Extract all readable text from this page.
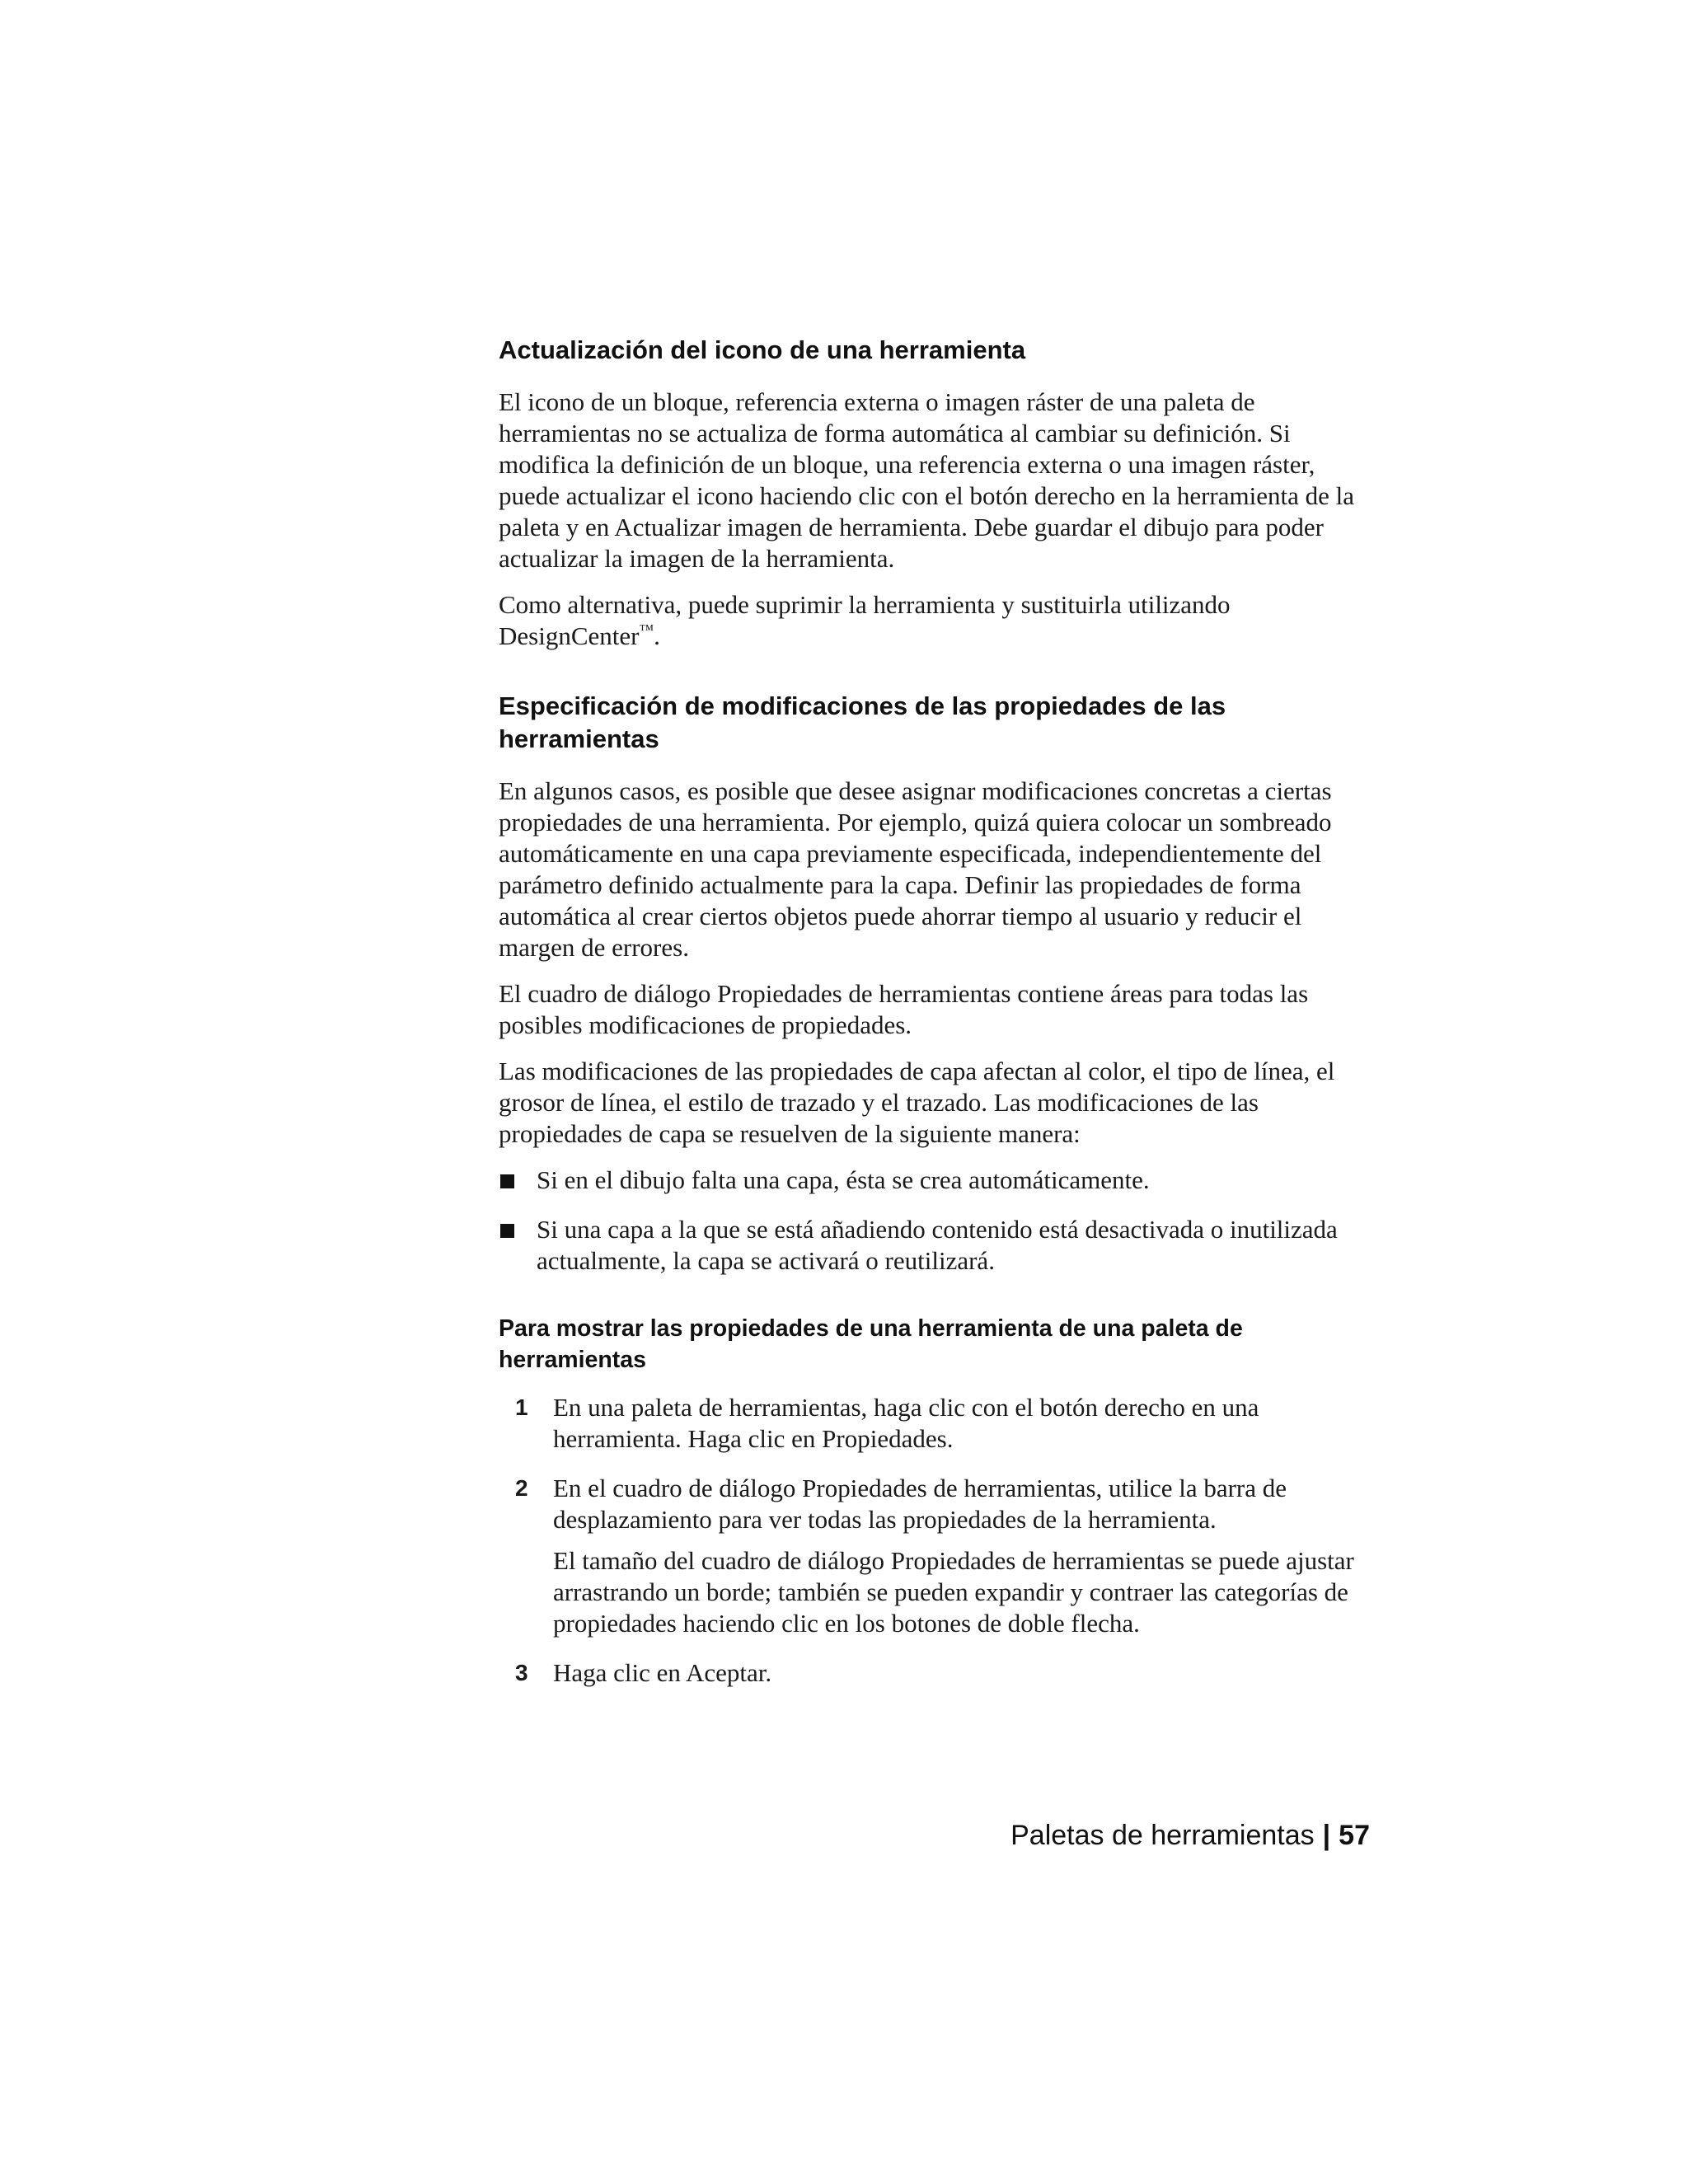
Actualización del icono de una herramienta

El icono de un bloque, referencia externa o imagen ráster de una paleta de herramientas no se actualiza de forma automática al cambiar su definición. Si modifica la definición de un bloque, una referencia externa o una imagen ráster, puede actualizar el icono haciendo clic con el botón derecho en la herramienta de la paleta y en Actualizar imagen de herramienta. Debe guardar el dibujo para poder actualizar la imagen de la herramienta.

Como alternativa, puede suprimir la herramienta y sustituirla utilizando DesignCenter™.

Especificación de modificaciones de las propiedades de las herramientas

En algunos casos, es posible que desee asignar modificaciones concretas a ciertas propiedades de una herramienta. Por ejemplo, quizá quiera colocar un sombreado automáticamente en una capa previamente especificada, independientemente del parámetro definido actualmente para la capa. Definir las propiedades de forma automática al crear ciertos objetos puede ahorrar tiempo al usuario y reducir el margen de errores.

El cuadro de diálogo Propiedades de herramientas contiene áreas para todas las posibles modificaciones de propiedades.

Las modificaciones de las propiedades de capa afectan al color, el tipo de línea, el grosor de línea, el estilo de trazado y el trazado. Las modificaciones de las propiedades de capa se resuelven de la siguiente manera:

Si en el dibujo falta una capa, ésta se crea automáticamente.
Si una capa a la que se está añadiendo contenido está desactivada o inutilizada actualmente, la capa se activará o reutilizará.
Para mostrar las propiedades de una herramienta de una paleta de herramientas
1 En una paleta de herramientas, haga clic con el botón derecho en una herramienta. Haga clic en Propiedades.
2 En el cuadro de diálogo Propiedades de herramientas, utilice la barra de desplazamiento para ver todas las propiedades de la herramienta.
El tamaño del cuadro de diálogo Propiedades de herramientas se puede ajustar arrastrando un borde; también se pueden expandir y contraer las categorías de propiedades haciendo clic en los botones de doble flecha.
3 Haga clic en Aceptar.
Paletas de herramientas | 57
